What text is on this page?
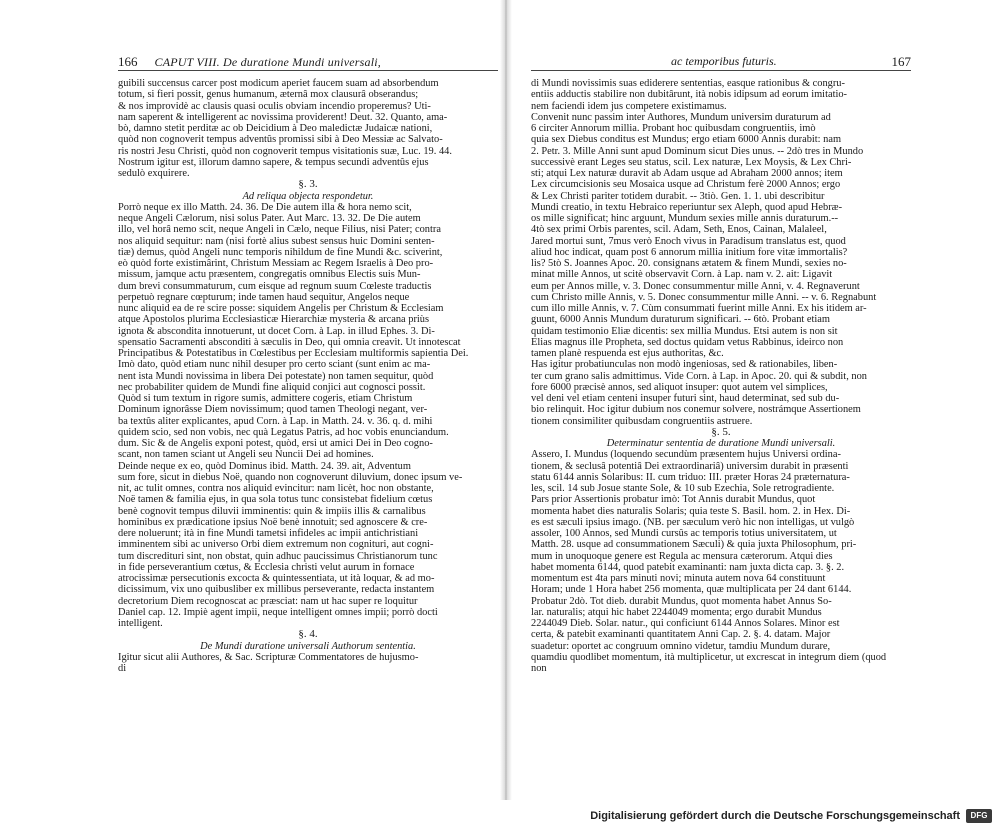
166 CAPUT VIII. De duratione Mundi universali,	ac temporibus futuris.	167
guibili succensus carcer post modicum aperiet faucem suam ad absorbendum
totum, si fieri possit, genus humanum, æternâ mox clausurâ obserandus;
& nos improvidè ac clausis quasi oculis obviam incendio properemus? Uti-
nam saperent & intelligerent ac novissima providerent! Deut. 32. Quanto, ama-
bò, damno stetit perditæ ac ob Deicidium à Deo maledictæ Judaicæ nationi,
quòd non cognoverit tempus adventûs promissi sibi à Deo Messiæ ac Salvato-
ris nostri Jesu Christi, quòd non cognoverit tempus visitationis suæ, Luc. 19. 44.
Nostrum igitur est, illorum damno sapere, & tempus secundi adventûs ejus
sedulò exquirere.
§. 3.
Ad reliqua objecta respondetur.
Porrò neque ex illo Matth. 24. 36. De Die autem illa & hora nemo scit,
neque Angeli Cælorum, nisi solus Pater. Aut Marc. 13. 32. De Die autem
illo, vel horâ nemo scit, neque Angeli in Cælo, neque Filius, nisi Pater; contra
nos aliquid sequitur: nam (nisi fortè alius subest sensus huic Domini senten-
tiæ) demus, quòd Angeli nunc temporis nihildum de fine Mundi &c. sciverint,
eò quòd forte existimârint, Christum Messiam ac Regem Israelis à Deo pro-
missum, jamque actu præsentem, congregatis omnibus Electis suis Mun-
dum brevi consummaturum, cum eisque ad regnum suum Cœleste traductis
perpetuò regnare cœpturum; inde tamen haud sequitur, Angelos neque
nunc aliquid ea de re scire posse: siquidem Angelis per Christum & Ecclesiam
atque Apostolos plurima Ecclesiasticæ Hierarchiæ mysteria & arcana priùs
ignota & abscondita innotuerunt, ut docet Corn. à Lap. in illud Ephes. 3. Di-
spensatio Sacramenti absconditi à sæculis in Deo, qui omnia creavit. Ut innotescat
Principatibus & Potestatibus in Cœlestibus per Ecclesiam multiformis sapientia Dei.
Imò dato, quòd etiam nunc nihil desuper pro certo sciant (sunt enim ac ma-
nent ista Mundi novissima in libera Dei potestate) non tamen sequitur, quòd
nec probabiliter quidem de Mundi fine aliquid conjici aut cognosci possit.
Quòd si tum textum in rigore sumis, admittere cogeris, etiam Christum
Dominum ignorâsse Diem novissimum; quod tamen Theologi negant, ver-
ba textûs aliter explicantes, apud Corn. à Lap. in Matth. 24. v. 36. q. d. mihi
quidem scio, sed non vobis, nec quà Legatus Patris, ad hoc vobis enunciandum.
dum. Sic & de Angelis exponi potest, quòd, ersi ut amici Dei in Deo cogno-
scant, non tamen sciant ut Angeli seu Nuncii Dei ad homines.
Deinde neque ex eo, quòd Dominus ibid. Matth. 24. 39. ait, Adventum
sum fore, sicut in diebus Noë, quando non cognoverunt diluvium, donec ipsum ve-
nit, ac tulit omnes, contra nos aliquid evincitur: nam licèt, hoc non obstante,
Noë tamen & familia ejus, in qua sola totus tunc consistebat fidelium cœtus
benè cognovit tempus diluvii imminentis: quin & impiis illis & carnalibus
hominibus ex prædicatione ipsius Noë benè innotuit; sed agnoscere & cre-
dere noluerunt; ità in fine Mundi tametsi infideles ac impii antichristiani
imminentem sibi ac universo Orbi diem extremum non cognituri, aut cogni-
tum discredituri sint, non obstat, quin adhuc paucissimus Christianorum tunc
in fide perseverantium cœtus, & Ecclesia christi velut aurum in fornace
atrocissimæ persecutionis excocta & quintessentiata, ut ità loquar, & ad mo-
dicissimum, vix uno quibusliber ex millibus perseverante, redacta instantem
decretorium Diem recognoscat ac præsciat: nam ut hac super re loquitur
Daniel cap. 12. Impiè agent impii, neque intelligent omnes impii; porrò docti
intelligent.
§. 4.
De Mundi duratione universali Authorum sententia.
Igitur sicut alii Authores, & Sac. Scripturæ Commentatores de hujusmo-
di
di Mundi novissimis suas ediderere sententias, easque rationibus & congru-
entiis adductis stabilire non dubitârunt, ità nobis idipsum ad eorum imitatio-
nem faciendi idem jus competere existimamus.
Convenit nunc passim inter Authores, Mundum universim duraturum ad
6 circiter Annorum millia. Probant hoc quibusdam congruentiis, imò
quia sex Diebus conditus est Mundus; ergo etiam 6000 Annis durabit: nam
2. Petr. 3. Mille Anni sunt apud Dominum sicut Dies unus. -- 2dò tres in Mundo
successivè erant Leges seu status, scil. Lex naturæ, Lex Moysis, & Lex Chri-
sti; atqui Lex naturæ duravit ab Adam usque ad Abraham 2000 annos; item
Lex circumcisionis seu Mosaica usque ad Christum ferè 2000 Annos; ergo
& Lex Christi pariter totidem durabit. -- 3tiò. Gen. 1. 1. ubi describitur
Mundi creatio, in textu Hebraico reperiuntur sex Aleph, quod apud Hebræ-
os mille significat; hinc arguunt, Mundum sexies mille annis duraturum.--
4tò sex primi Orbis parentes, scil. Adam, Seth, Enos, Cainan, Malaleel,
Jared mortui sunt, 7mus verò Enoch vivus in Paradisum translatus est, quod
aliud hoc indicat, quam post 6 annorum millia initium fore vitæ immortalis?
lis? 5tò S. Joannes Apoc. 20. consignans ætatem & finem Mundi, sexies no-
minat mille Annos, ut scitè observavit Corn. à Lap. nam v. 2. ait: Ligavit
eum per Annos mille, v. 3. Donec consummentur mille Anni, v. 4. Regnaverunt
cum Christo mille Annis, v. 5. Donec consummentur mille Anni. -- v. 6. Regnabunt
cum illo mille Annis, v. 7. Cùm consummati fuerint mille Anni. Ex his itidem ar-
guunt, 6000 Annis Mundum duraturum significari. -- 6tò. Probant etiam
quidam testimonio Eliæ dicentis: sex millia Mundus. Etsi autem is non sit
Elias magnus ille Propheta, sed doctus quidam vetus Rabbinus, ideirco non
tamen planè respuenda est ejus authoritas, &c.
Has igitur probatiunculas non modò ingeniosas, sed & rationabiles, liben-
ter cum grano salis admittimus. Vide Corn. à Lap. in Apoc. 20. qui & subdit, non
fore 6000 præcisè annos, sed aliquot insuper: quot autem vel simplices,
vel deni vel etiam centeni insuper futuri sint, haud determinat, sed sub du-
bio relinquit. Hoc igitur dubium nos conemur solvere, nostrámque Assertionem
tionem consimiliter quibusdam congruentiis astruere.
§. 5.
Determinatur sententia de duratione Mundi universali.
Assero, I. Mundus (loquendo secundùm præsentem hujus Universi ordina-
tionem, & seclusâ potentiâ Dei extraordinariâ) universim durabit in præsenti
statu 6144 annis Solaribus: II. cum triduo: III. præter Horas 24 præternatura-
les, scil. 14 sub Josue stante Sole, & 10 sub Ezechia, Sole retrogradiente.
Pars prior Assertionis probatur imò: Tot Annis durabit Mundus, quot
momenta habet dies naturalis Solaris; quia teste S. Basil. hom. 2. in Hex. Di-
es est sæculi ipsius imago. (NB. per sæculum verò hic non intelligas, ut vulgò
assoler, 100 Annos, sed Mundi cursûs ac temporis totius universitatem, ut
Matth. 28. usque ad consummationem Sæculi) & quia juxta Philosophum, pri-
mum in unoquoque genere est Regula ac mensura cæterorum. Atqui dies
habet momenta 6144, quod patebit examinanti: nam juxta dicta cap. 3. §. 2.
momentum est 4ta pars minuti novi; minuta autem nova 64 constituunt
Horam; unde 1 Hora habet 256 momenta, quæ multiplicata per 24 dant 6144.
Probatur 2dò. Tot dieb. durabit Mundus, quot momenta habet Annus So-
lar. naturalis; atqui hic habet 2244049 momenta; ergo durabit Mundus
2244049 Dieb. Solar. natur., qui conficiunt 6144 Annos Solares. Minor est
certa, & patebit examinanti quantitatem Anni Cap. 2. §. 4. datam. Major
suadetur: oportet ac congruum omnino videtur, tamdiu Mundum durare,
quamdiu quodlibet momentum, ità multiplicetur, ut excrescat in integrum diem (quod
non
Digitalisierung gefördert durch die Deutsche Forschungsgemeinschaft	DFG
